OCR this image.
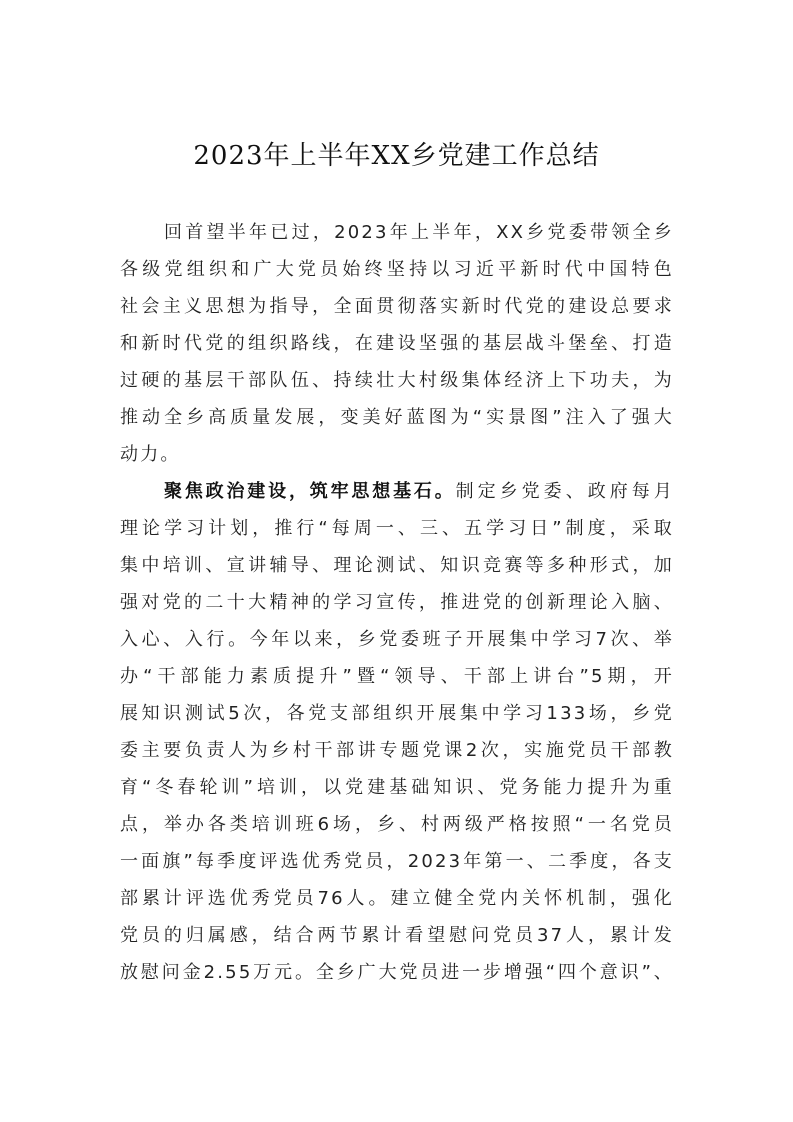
2023年上半年XX乡党建工作总结
回首望半年已过，2023年上半年，XX乡党委带领全乡
各级党组织和广大党员始终坚持以习近平新时代中国特色
社会主义思想为指导，全面贯彻落实新时代党的建设总要求
和新时代党的组织路线，在建设坚强的基层战斗堡垒、打造
过硬的基层干部队伍、持续壮大村级集体经济上下功夫，为
推动全乡高质量发展，变美好蓝图为“实景图”注入了强大
动力。
聚焦政治建设，筑牢思想基石。制定乡党委、政府每月
理论学习计划，推行“每周一、三、五学习日”制度，采取
集中培训、宣讲辅导、理论测试、知识竞赛等多种形式，加
强对党的二十大精神的学习宣传，推进党的创新理论入脑、
入心、入行。今年以来，乡党委班子开展集中学习7次、举
办“干部能力素质提升”暨“领导、干部上讲台”5期，开
展知识测试5次，各党支部组织开展集中学习133场，乡党
委主要负责人为乡村干部讲专题党课2次，实施党员干部教
育“冬春轮训”培训，以党建基础知识、党务能力提升为重
点，举办各类培训班6场，乡、村两级严格按照“一名党员
一面旗”每季度评选优秀党员，2023年第一、二季度，各支
部累计评选优秀党员76人。建立健全党内关怀机制，强化
党员的归属感，结合两节累计看望慰问党员37人，累计发
放慰问金2.55万元。全乡广大党员进一步增强“四个意识”、
